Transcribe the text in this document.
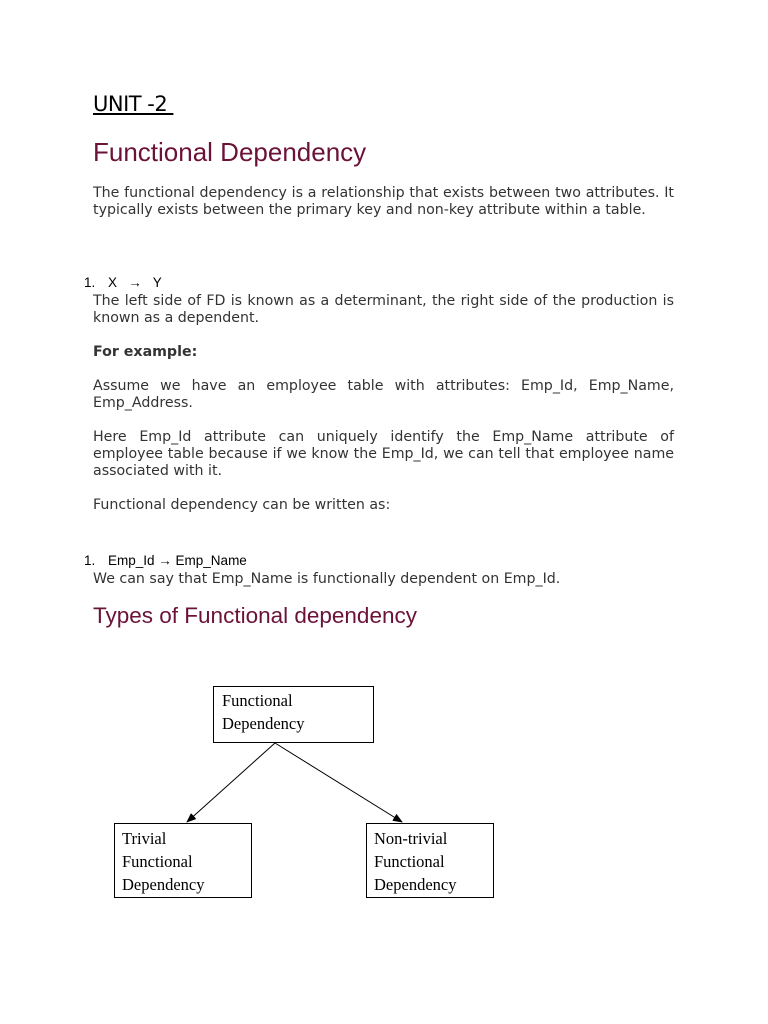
UNIT -2
Functional Dependency
The functional dependency is a relationship that exists between two attributes. It typically exists between the primary key and non-key attribute within a table.

1. X   →   Y

The left side of FD is known as a determinant, the right side of the production is known as a dependent.
For example:
Assume we have an employee table with attributes: Emp_Id, Emp_Name, Emp_Address.
Here Emp_Id attribute can uniquely identify the Emp_Name attribute of employee table because if we know the Emp_Id, we can tell that employee name associated with it.
Functional dependency can be written as:

1. Emp_Id → Emp_Name

We can say that Emp_Name is functionally dependent on Emp_Id.
Types of Functional dependency
Functional
Dependency
Trivial
Functional
Dependency
Non-trivial
Functional
Dependency
